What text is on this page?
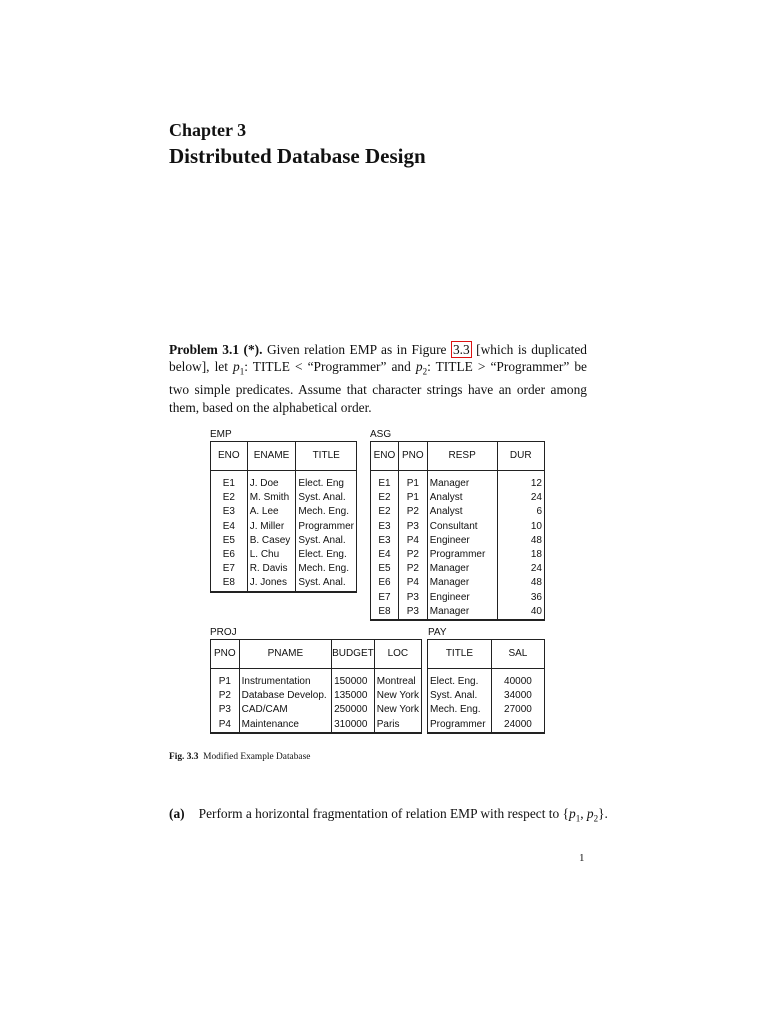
Chapter 3
Distributed Database Design
Problem 3.1 (*). Given relation EMP as in Figure 3.3 [which is duplicated below], let $p_1$: TITLE < “Programmer” and $p_2$: TITLE > “Programmer” be two simple predicates. Assume that character strings have an order among them, based on the alphabetical order.
EMP
ENO	ENAME	TITLE

E1	J. Doe	Elect. Eng
E2	M. Smith	Syst. Anal.
E3	A. Lee	Mech. Eng.
E4	J. Miller	Programmer
E5	B. Casey	Syst. Anal.
E6	L. Chu	Elect. Eng.
E7	R. Davis	Mech. Eng.
E8	J. Jones	Syst. Anal.
ASG
ENO	PNO	RESP	DUR

E1	P1	Manager	12
E2	P1	Analyst	24
E2	P2	Analyst	6
E3	P3	Consultant	10
E3	P4	Engineer	48
E4	P2	Programmer	18
E5	P2	Manager	24
E6	P4	Manager	48
E7	P3	Engineer	36
E8	P3	Manager	40
PROJ
PNO	PNAME	BUDGET	LOC

P1	Instrumentation	150000	Montreal
P2	Database Develop.	135000	New York
P3	CAD/CAM	250000	New York
P4	Maintenance	310000	Paris
PAY
TITLE	SAL

Elect. Eng.	40000
Syst. Anal.	34000
Mech. Eng.	27000
Programmer	24000
Fig. 3.3 Modified Example Database
(a) Perform a horizontal fragmentation of relation EMP with respect to {$p_1$, $p_2$}.
1
